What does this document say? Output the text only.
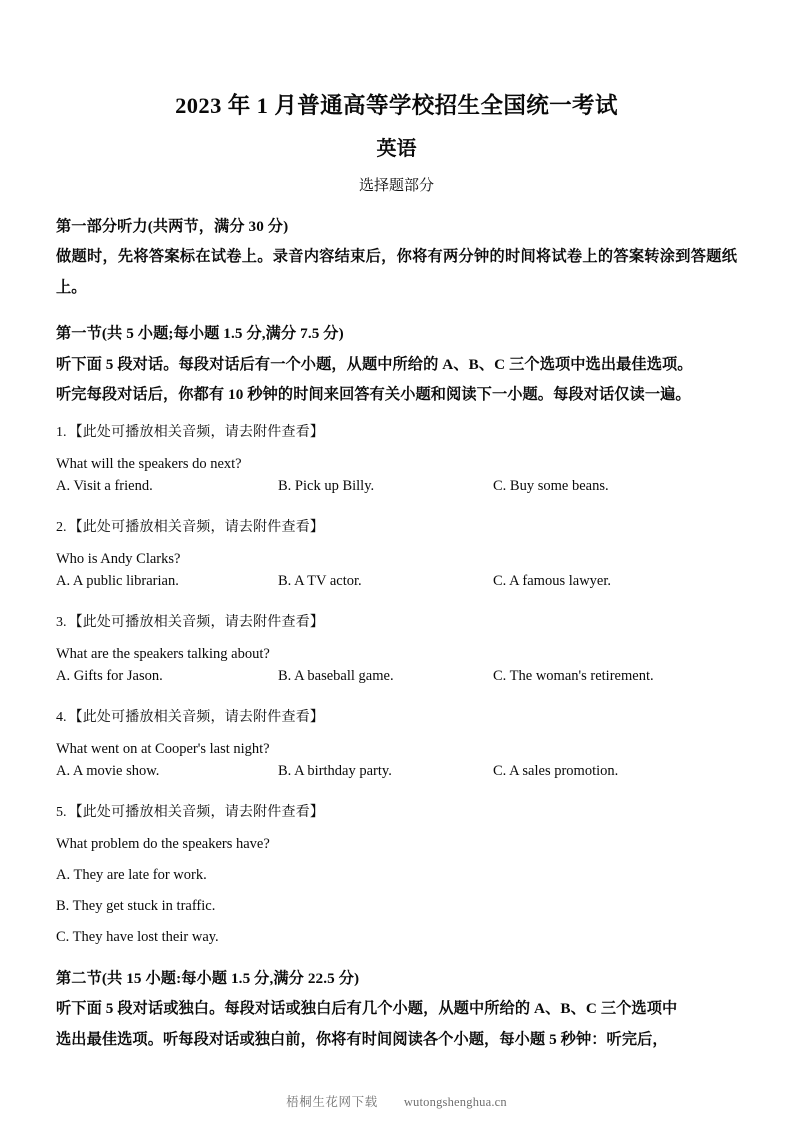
2023 年 1 月普通高等学校招生全国统一考试
英语
选择题部分

第一部分听力(共两节，满分 30 分)

做题时，先将答案标在试卷上。录音内容结束后，你将有两分钟的时间将试卷上的答案转涂到答题纸上。

第一节(共 5 小题;每小题 1.5 分,满分 7.5 分)

听下面 5 段对话。每段对话后有一个小题，从题中所给的 A、B、C 三个选项中选出最佳选项。

听完每段对话后，你都有 10 秒钟的时间来回答有关小题和阅读下一小题。每段对话仅读一遍。

1. 【此处可播放相关音频，请去附件查看】

What will the speakers do next?

A. Visit a friend.	B. Pick up Billy.	C. Buy some beans.

2. 【此处可播放相关音频，请去附件查看】

Who is Andy Clarks?

A. A public librarian.	B. A TV actor.	C. A famous lawyer.

3. 【此处可播放相关音频，请去附件查看】

What are the speakers talking about?

A. Gifts for Jason.	B. A baseball game.	C. The woman's retirement.

4. 【此处可播放相关音频，请去附件查看】

What went on at Cooper's last night?

A. A movie show.	B. A birthday party.	C. A sales promotion.

5. 【此处可播放相关音频，请去附件查看】

What problem do the speakers have?

A. They are late for work.
B. They get stuck in traffic.
C. They have lost their way.

第二节(共 15 小题:每小题 1.5 分,满分 22.5 分)

听下面 5 段对话或独白。每段对话或独白后有几个小题，从题中所给的 A、B、C 三个选项中

选出最佳选项。听每段对话或独白前，你将有时间阅读各个小题，每小题 5 秒钟：听完后，

梧桐生花网下载 wutongshenghua.cn
